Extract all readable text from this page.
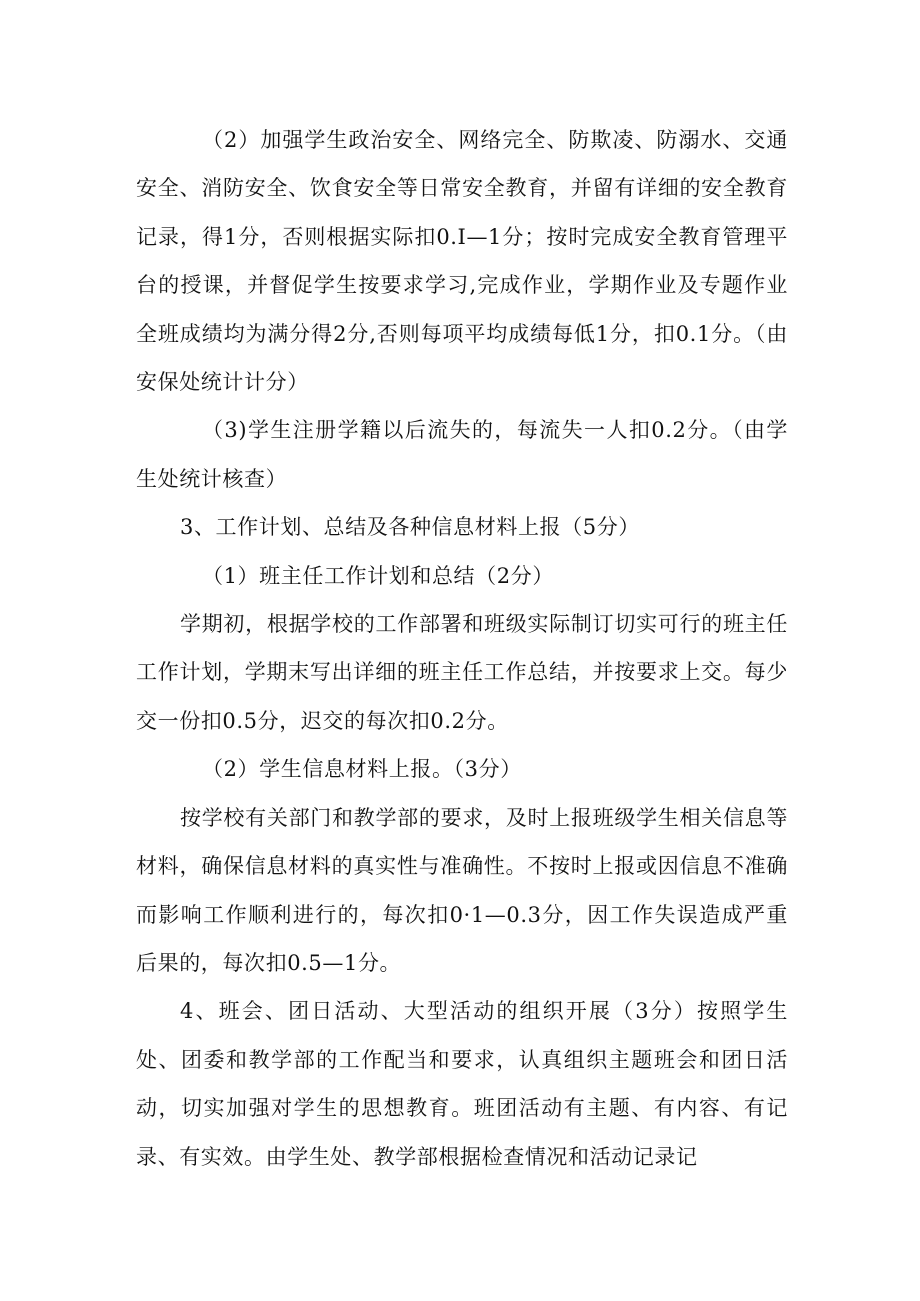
（2）加强学生政治安全、网络完全、防欺凌、防溺水、交通安全、消防安全、饮食安全等日常安全教育，并留有详细的安全教育记录，得1分，否则根据实际扣0.I—1分；按时完成安全教育管理平台的授课，并督促学生按要求学习,完成作业，学期作业及专题作业全班成绩均为满分得2分,否则每项平均成绩每低1分，扣0.1分。（由安保处统计计分）

（3)学生注册学籍以后流失的，每流失一人扣0.2分。（由学生处统计核查）

3、工作计划、总结及各种信息材料上报（5分）

（1）班主任工作计划和总结（2分）

学期初，根据学校的工作部署和班级实际制订切实可行的班主任工作计划，学期末写出详细的班主任工作总结，并按要求上交。每少交一份扣0.5分，迟交的每次扣0.2分。

（2）学生信息材料上报。（3分）

按学校有关部门和教学部的要求，及时上报班级学生相关信息等材料，确保信息材料的真实性与准确性。不按时上报或因信息不准确而影响工作顺利进行的，每次扣0·1—0.3分，因工作失误造成严重后果的，每次扣0.5—1分。

4、班会、团日活动、大型活动的组织开展（3分）按照学生处、团委和教学部的工作配当和要求，认真组织主题班会和团日活动，切实加强对学生的思想教育。班团活动有主题、有内容、有记录、有实效。由学生处、教学部根据检查情况和活动记录记
